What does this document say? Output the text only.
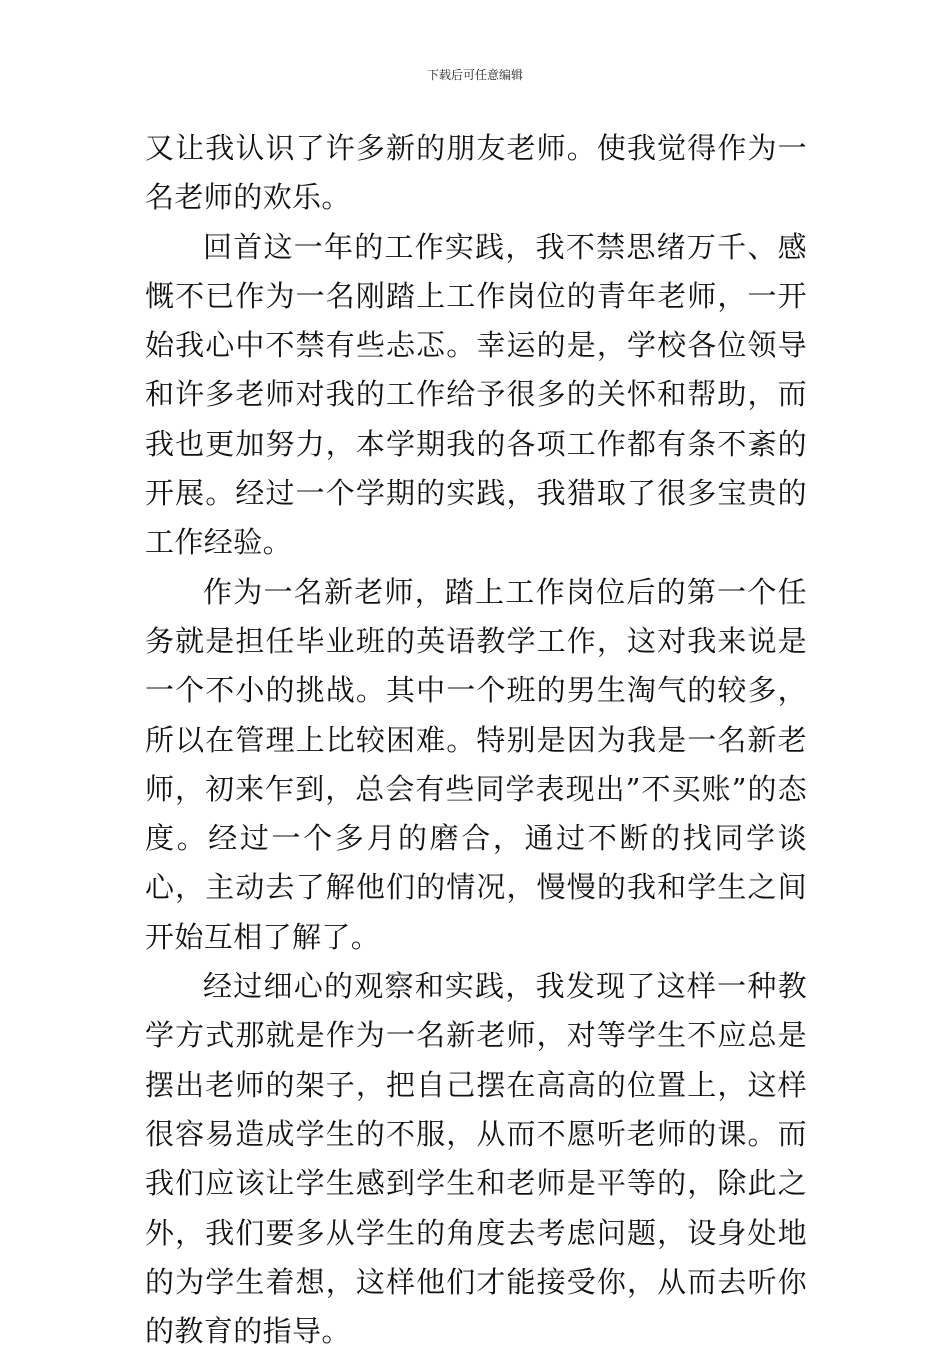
下载后可任意编辑

又让我认识了许多新的朋友老师。使我觉得作为一名老师的欢乐。

回首这一年的工作实践，我不禁思绪万千、感慨不已作为一名刚踏上工作岗位的青年老师，一开始我心中不禁有些忐忑。幸运的是，学校各位领导和许多老师对我的工作给予很多的关怀和帮助，而我也更加努力，本学期我的各项工作都有条不紊的开展。经过一个学期的实践，我猎取了很多宝贵的工作经验。

作为一名新老师，踏上工作岗位后的第一个任务就是担任毕业班的英语教学工作，这对我来说是一个不小的挑战。其中一个班的男生淘气的较多，所以在管理上比较困难。特别是因为我是一名新老师，初来乍到，总会有些同学表现出”不买账”的态度。经过一个多月的磨合，通过不断的找同学谈心，主动去了解他们的情况，慢慢的我和学生之间开始互相了解了。

经过细心的观察和实践，我发现了这样一种教学方式那就是作为一名新老师，对等学生不应总是摆出老师的架子，把自己摆在高高的位置上，这样很容易造成学生的不服，从而不愿听老师的课。而我们应该让学生感到学生和老师是平等的，除此之外，我们要多从学生的角度去考虑问题，设身处地的为学生着想，这样他们才能接受你，从而去听你的教育的指导。
